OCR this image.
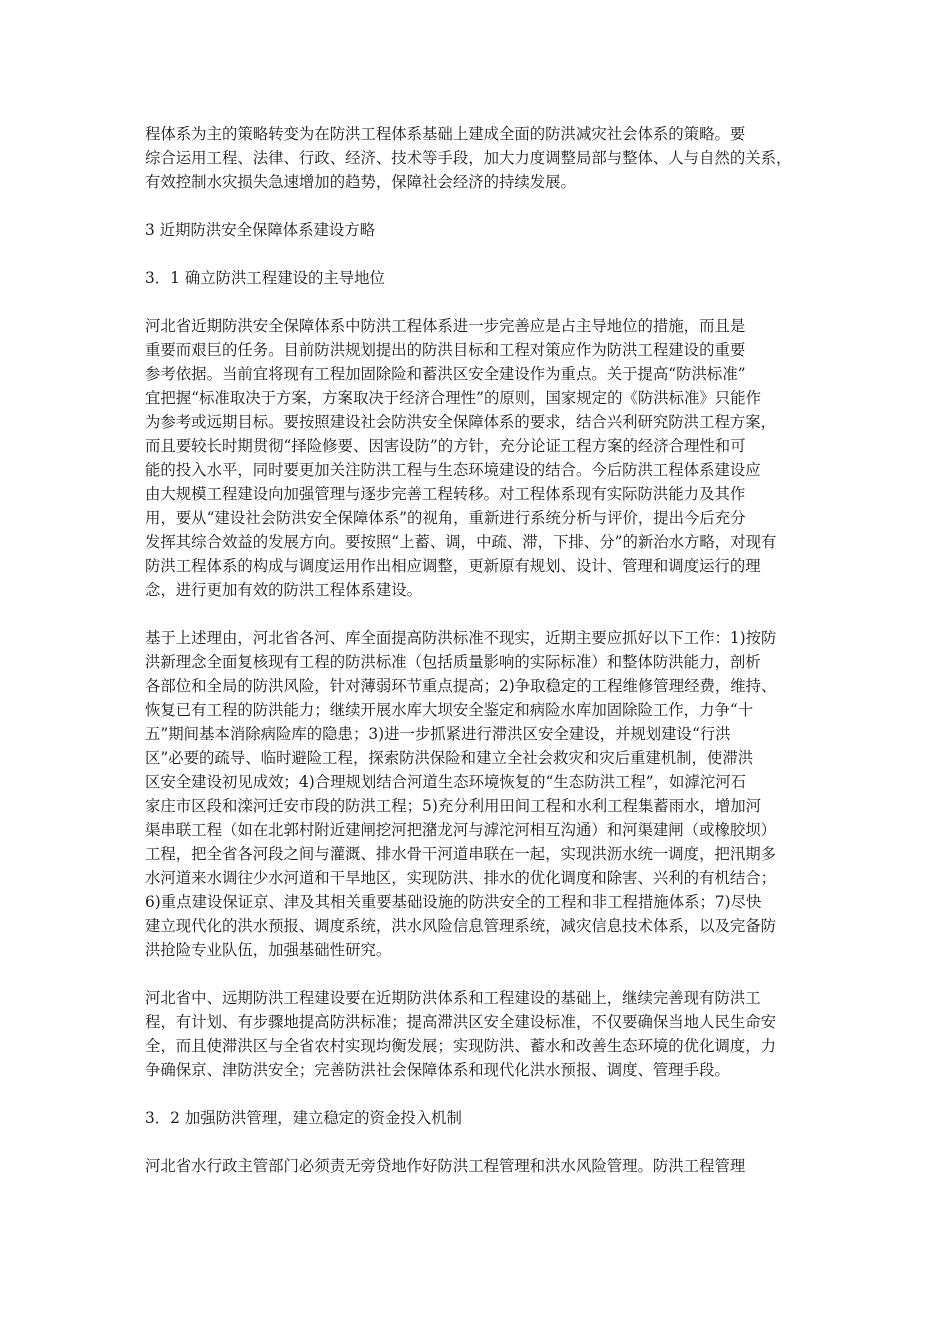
程体系为主的策略转变为在防洪工程体系基础上建成全面的防洪减灾社会体系的策略。要
综合运用工程、法律、行政、经济、技术等手段，加大力度调整局部与整体、人与自然的关系，
有效控制水灾损失急速增加的趋势，保障社会经济的持续发展。

3 近期防洪安全保障体系建设方略

3．1 确立防洪工程建设的主导地位

河北省近期防洪安全保障体系中防洪工程体系进一步完善应是占主导地位的措施，而且是
重要而艰巨的任务。目前防洪规划提出的防洪目标和工程对策应作为防洪工程建设的重要
参考依据。当前宜将现有工程加固除险和蓄洪区安全建设作为重点。关于提高“防洪标准”
宜把握“标准取决于方案，方案取决于经济合理性”的原则，国家规定的《防洪标准》只能作
为参考或远期目标。要按照建设社会防洪安全保障体系的要求，结合兴利研究防洪工程方案，
而且要较长时期贯彻“择险修要、因害设防”的方针，充分论证工程方案的经济合理性和可
能的投入水平，同时要更加关注防洪工程与生态环境建设的结合。今后防洪工程体系建设应
由大规模工程建设向加强管理与逐步完善工程转移。对工程体系现有实际防洪能力及其作
用，要从“建设社会防洪安全保障体系”的视角，重新进行系统分析与评价，提出今后充分
发挥其综合效益的发展方向。要按照“上蓄、调，中疏、滞，下排、分”的新治水方略，对现有
防洪工程体系的构成与调度运用作出相应调整，更新原有规划、设计、管理和调度运行的理
念，进行更加有效的防洪工程体系建设。

基于上述理由，河北省各河、库全面提高防洪标准不现实，近期主要应抓好以下工作：1)按防
洪新理念全面复核现有工程的防洪标准（包括质量影响的实际标准）和整体防洪能力，剖析
各部位和全局的防洪风险，针对薄弱环节重点提高；2)争取稳定的工程维修管理经费，维持、
恢复已有工程的防洪能力；继续开展水库大坝安全鉴定和病险水库加固除险工作，力争“十
五”期间基本消除病险库的隐患；3)进一步抓紧进行滞洪区安全建设，并规划建设“行洪
区”必要的疏导、临时避险工程，探索防洪保险和建立全社会救灾和灾后重建机制，使滞洪
区安全建设初见成效；4)合理规划结合河道生态环境恢复的“生态防洪工程”，如滹沱河石
家庄市区段和滦河迁安市段的防洪工程；5)充分利用田间工程和水利工程集蓄雨水，增加河
渠串联工程（如在北郭村附近建闸挖河把潴龙河与滹沱河相互沟通）和河渠建闸（或橡胶坝）
工程，把全省各河段之间与灌溉、排水骨干河道串联在一起，实现洪沥水统一调度，把汛期多
水河道来水调往少水河道和干旱地区，实现防洪、排水的优化调度和除害、兴利的有机结合；
6)重点建设保证京、津及其相关重要基础设施的防洪安全的工程和非工程措施体系；7)尽快
建立现代化的洪水预报、调度系统，洪水风险信息管理系统，减灾信息技术体系，以及完备防
洪抢险专业队伍，加强基础性研究。

河北省中、远期防洪工程建设要在近期防洪体系和工程建设的基础上，继续完善现有防洪工
程，有计划、有步骤地提高防洪标准；提高滞洪区安全建设标准，不仅要确保当地人民生命安
全，而且使滞洪区与全省农村实现均衡发展；实现防洪、蓄水和改善生态环境的优化调度，力
争确保京、津防洪安全；完善防洪社会保障体系和现代化洪水预报、调度、管理手段。

3．2 加强防洪管理，建立稳定的资金投入机制

河北省水行政主管部门必须责无旁贷地作好防洪工程管理和洪水风险管理。防洪工程管理
